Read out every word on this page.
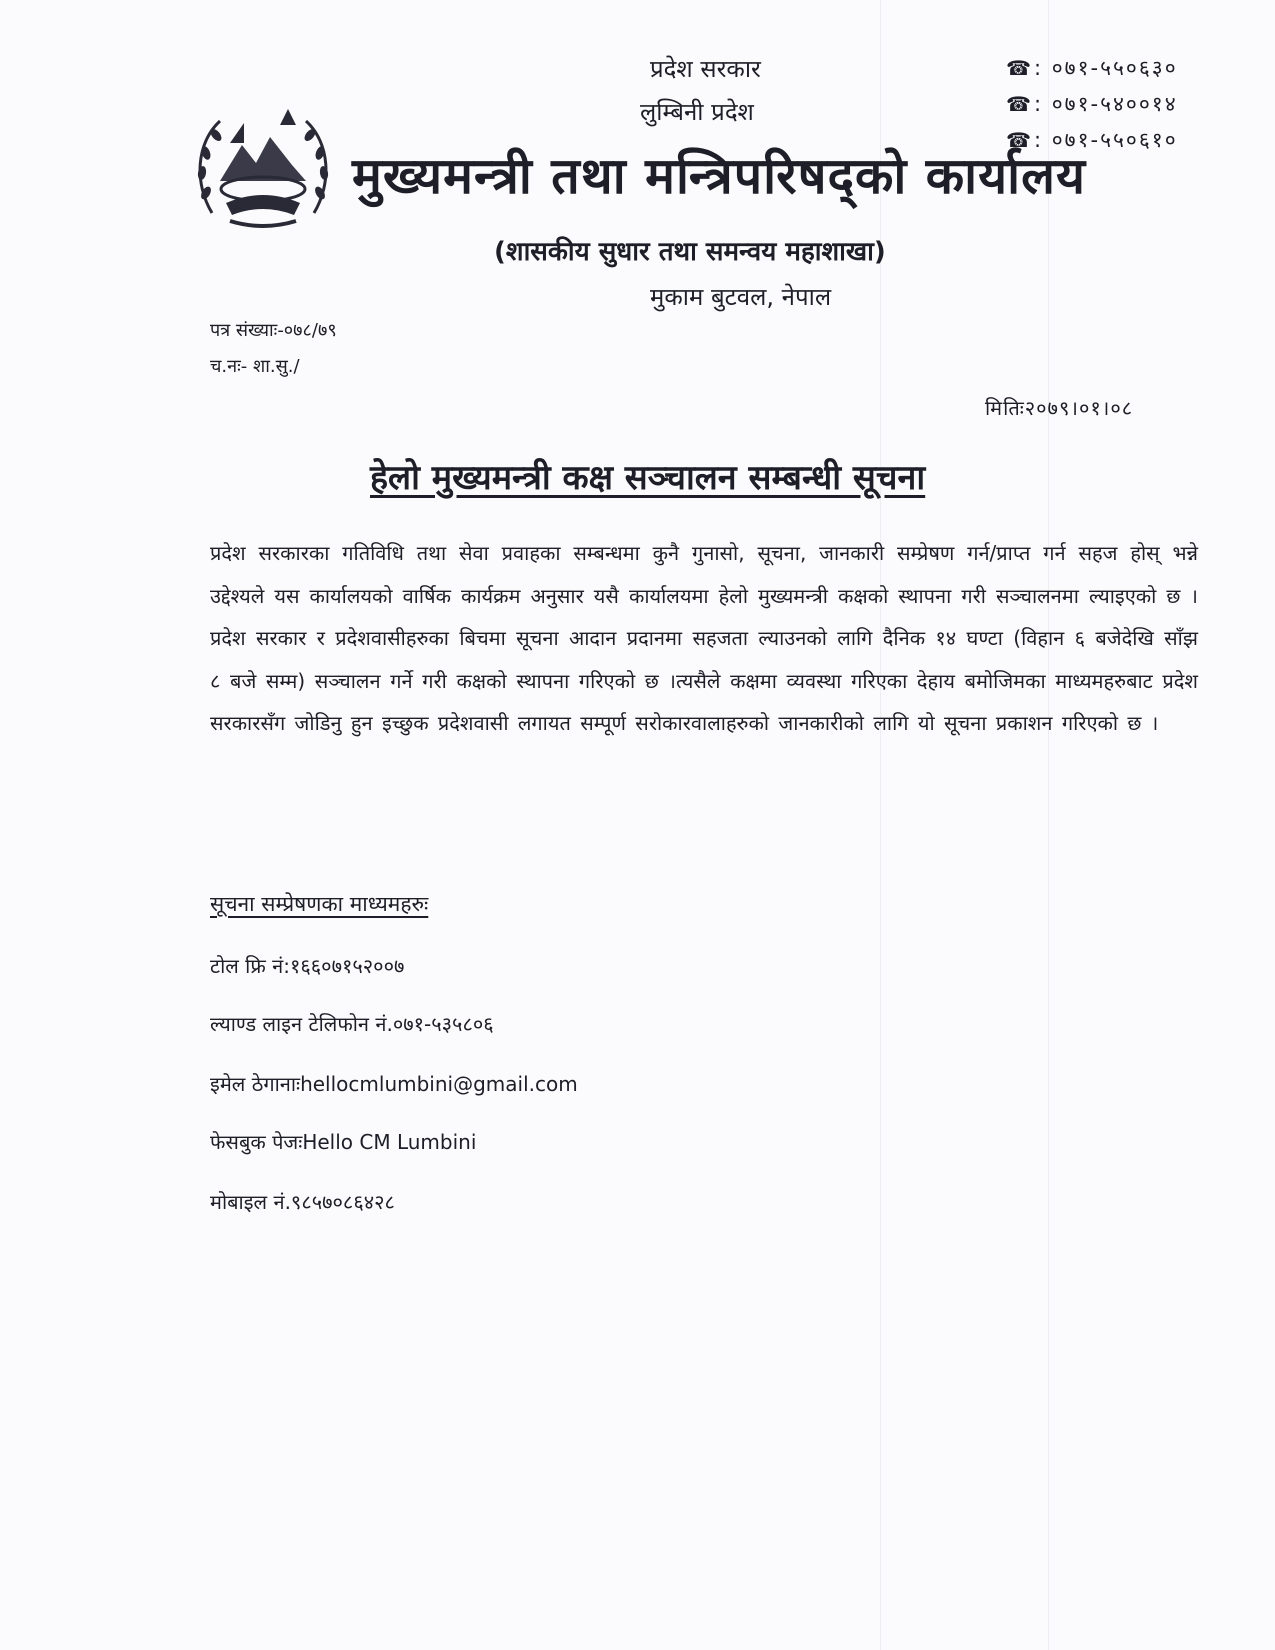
प्रदेश सरकार
लुम्बिनी प्रदेश
☎: ०७१-५५०६३०
☎: ०७१-५४००१४
☎: ०७१-५५०६१०
मुख्यमन्त्री तथा मन्त्रिपरिषद्को कार्यालय
(शासकीय सुधार तथा समन्वय महाशाखा)
मुकाम बुटवल, नेपाल
पत्र संख्याः-०७८/७९
च.नः- शा.सु./
मितिः२०७९।०१।०८
हेलो मुख्यमन्त्री कक्ष सञ्चालन सम्बन्धी सूचना
प्रदेश सरकारका गतिविधि तथा सेवा प्रवाहका सम्बन्धमा कुनै गुनासो, सूचना, जानकारी सम्प्रेषण गर्न/प्राप्त गर्न सहज होस् भन्ने उद्देश्यले यस कार्यालयको वार्षिक कार्यक्रम अनुसार यसै कार्यालयमा हेलो मुख्यमन्त्री कक्षको स्थापना गरी सञ्चालनमा ल्याइएको छ ।प्रदेश सरकार र प्रदेशवासीहरुका बिचमा सूचना आदान प्रदानमा सहजता ल्याउनको लागि दैनिक १४ घण्टा (विहान ६ बजेदेखि साँझ ८ बजे सम्म) सञ्चालन गर्ने गरी कक्षको स्थापना गरिएको छ ।त्यसैले कक्षमा व्यवस्था गरिएका देहाय बमोजिमका माध्यमहरुबाट प्रदेश सरकारसँग जोडिनु हुन इच्छुक प्रदेशवासी लगायत सम्पूर्ण सरोकारवालाहरुको जानकारीको लागि यो सूचना प्रकाशन गरिएको छ ।
सूचना सम्प्रेषणका माध्यमहरुः
टोल फ्रि नं:१६६०७१५२००७
ल्याण्ड लाइन टेलिफोन नं.०७१-५३५८०६
इमेल ठेगानाःhellocmlumbini@gmail.com
फेसबुक पेजःHello CM Lumbini
मोबाइल नं.९८५७०८६४२८
